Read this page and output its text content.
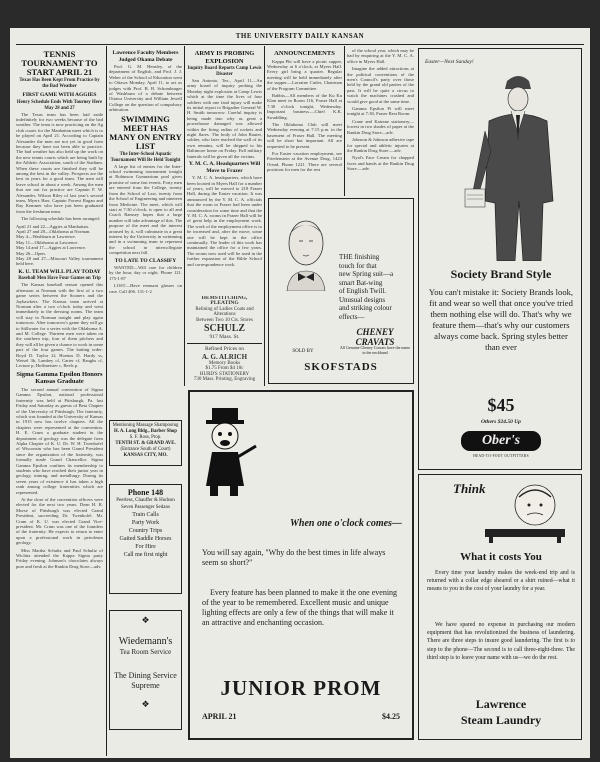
THE UNIVERSITY DAILY KANSAN
TENNIS TOURNAMENT TO START APRIL 21
Texas Has Been Kept From Practice by the Bad Weather
FIRST GAME WITH AGGIES
Henry Schedule Ends With Tourney Here May 28 and 27

The Texas team has been laid aside indefinitely for two weeks because of the bad weather. The team is now practicing on the Ag club courts for the Manhattan meet which is to be played on April 21. According to Captain Alexander the men are not yet in good form because they have not been able to practice. The bad weather has also held up the work on the new tennis courts which are being built by the Athletic Association, south of the Stadium. When these courts are finished they will be among the best in the valley. Prospects are the best in years for a good team. The men will leave school in about a week. Among the men that are out for practice are Captain F. W. Alexander, Wilson Riley of last year's second team, Myers Harr, Captain Forrest Ragan and Ray Kemmer who have just been graduated from the freshman team.

The following schedule has been arranged:

April 21 and 22—Aggies at Manhattan.
April 27 and 28—Oklahoma at Norman.
May 4—Washburn at Lawrence.
May 11—Oklahoma at Lawrence.
May 14 and 17—Aggies at Lawrence.
May 26—Open.
May 28 and 27—Missouri Valley tournament held here.
K. U. TEAM WILL PLAY TODAY
Baseball Men Have Four Games on Trip

The Kansas baseball season opened this afternoon at Norman with the first of a two game series between the Sooners and the Jayhawkers. The Kansas team arrived at Norman after a two o'clock today and went immediately to the dressing rooms. The team will stay in Norman tonight and play again tomorrow. After tomorrow's game they will go to Stillwater for a series with the Oklahoma A. and M. College. Thirteen men were taken on the southern trip, four of them pitchers and they will all be given a chance to work in some part of the four games. The batting order: Boyd D. Taylor 2f, Hoenus D. Hardy ss, Weisel 3b, Lambey cf, Carter cf, Baughs cf, Lecture p, Hoffmeister c, Reels p.

Sigma Gamma Epsilon Honors Kansas Graduate

The second annual convention of Sigma Gamma Epsilon, national professional fraternity was held at Pittsburgh, Pa. last Friday and Saturday as guests of Beta Chapter of the University of Pittsburgh. The fraternity, which was founded at the University of Kansas in 1915 now has twelve chapters. All the chapters were represented at the convention. H. E. Crum a graduate student in the department of geology was the delegate from Alpha Chapter of K. U. Dr. W. H. Twenhofel of Wisconsin who has been Grand President since the organization of the fraternity, was formally made Grand Chancellor. Sigma Gamma Epsilon confines its membership to students who have reached their junior year in geology, mining, and metallurgy. During its seven years of existence it has taken a high rank among college fraternities which are represented.

At the close of the convention officers were elected for the next two years. Dean H. R. Morse of Pittsburgh was elected Grand President, succeeding Dr. Twenhofel. Mr. Crum of K. U. was elected Grand Vice-president. Mr. Crum was one of the founders of the fraternity. He expects to return to enter upon a professional work in petroleum geology.

Miss Martha Schultz and Paul Schultz of Wichita attended the Kappa Sigma party Friday evening. Johnson's chocolates always pure and fresh at the Rankin Drug Store—adv.

Lawrence Faculty Members Judged Okama Debate

Prof. G. M. Hensley, of the department of English, and Prof. J. J. Weber of the School of Education went to Ottawa Monday, April 11, to act as judges with Prof. B. B. Schomburger of Washburn of a debate between Ottawa University and William Jewell College on the question of compulsory arbitration.

SWIMMING MEET HAS MANY ON ENTRY LIST
The Inter-School Aquatic Tournament Will Be Held Tonight

A large list of entries for the Inter-school swimming tournament tonight at Robinson Gymnasium pool gives promise of some fast events. Forty men are entered from the College, twenty from the School of Law, twenty from the School of Engineering and nineteen from Medicine. The meet, which will start at 7:30 o'clock, is open to all and Coach Ramsey hopes that a large number will take advantage of this. The purpose of the meet and the interest aroused by it, will culminate in a great interest by the University in swimming and in a swimming team to represent the school in intercollegiate competition next fall.

TO LATE TO CLASSIFY

WANTED—Will care for children by the hour, day or night. Phone 121. 175-1-87

LOST—Have remnant glasses on case. Call 406. 131-1-2

Mentioning Massage Shampooing
H. A. Long Bldg., Barber Shop
S. F. Ross, Prop.
TENTH ST. & GRAND AVE.
(Entrance South of Court)
KANSAS CITY, MO.
Phone 148
Peerless, Chauffer & Hudson Seven Passenger Sedans
Train Calls
Party Work
Country Trips
Gaited Saddle Horses
For Hire
Call me first night
❖
Wiedemann's
Tea Room Service
The Dining Service
Supreme
❖
ARMY IS PROBING EXPLOSION
Inquiry Board Reports Camp Lewis Disaster

San Antonio, Tex., April 11—An army board of inquiry probing the Monday night explosion at Camp Lewis which at the time the lives of four soldiers with one fatal injury will make its initial report to Brigadier General W. H. Smith tomorrow. Careful inquiry is being made into why as great a powerhouse damaged was allowed within the firing radius of rockets and night flares. The body of John Rauter, soldier, who later reached the wall of its own remains, will be shipped to his Baltimore home on Friday. Full military funerals will be given all the victims.

Y. M. C. A. Headquarters Will Move to Frazer

Y. M. C. A. headquarters, which have been located in Myers Hall for a number of years, will be moved to 218 Frazer Hall, during the Easter vacation. It was announced by the Y. M. C. A. officials that the room in Frazer had been under consideration for some time and that the Y. M. C. A. rooms in Frazer Hall will be of great help in the employment work. The work of the employment office is to be increased and, after the move, some one will be kept in the office continually. The leader of this work has maintained the office for a few years. The rooms now used will be used in the further expansion of the Bible School and correspondence work.

HEMSTITCHING, PLEATING
Relining of Ladies Coats and Alterations
Between Two 10 Cts. Stores
SCHULZ
917 Mass. St.
Refined Prices on
A. G. ALRICH
Memory Books
$1.75 From $4 10c
HURD'S STATIONERY
730 Mass. Printing, Engraving
ANNOUNCEMENTS

Kappa Phi will have a picnic supper, Wednesday at 6 o'clock, at Myers Hall. Every girl bring a quarter. Regular meeting will be held immediately after the supper.—Lorraine Cutler, Chairman of the Program Committee.

Rabbis—All members of the Ku Ku Klan meet in Room 116, Fraser Hall at 7:30 o'clock tonight, Wednesday. Important business.—Chief K.K. Swaddling.

The Oklahoma Club will meet Wednesday evening at 7:15 p.m. in the basement of Fraser Hall. The meeting will be short but important. All are requested to be present.

For Easter vacation employment, see Friedenstein at the Avenue Drug, 1423 Oread, Phone 1221. There are several positions for men for the rest

of the school year, which may be had by enquiring at the Y. M. C. A. office in Myers Hall.

Imagine the added attractions at the political conventions of the men's Council's party over those held by the grand old parties of the past. It will be quite a circus to watch the machines crashed and would give good at the same time.

Gamma Epsilon Pi will meet tonight at 7:30, Fraser Rest Room.

Crane and Katrane stationery—lowest in two shades of paper at the Rankin Drug Store—adv.

Johnson & Johnson adhesive tape for special and athletic injuries at the Rankin Drug Store.—adv.

Nyal's Face Cream for chapped faces and hands at the Rankin Drug Store.—adv.

THE finishing
touch for that
new Spring suit—a
smart Bat-wing
of English Twill.
Unusual designs
and striking colour
effects—
CHENEY CRAVATS
All Genuine Cheney Cravats have the name in the neckband
SOLD BY
SKOFSTADS
Easter—Next Sunday!
Society Brand Style
You can't mistake it: Society Brands look, fit and wear so well that once you've tried them nothing else will do. That's why we feature them—that's why our customers always come back. Spring styles better than ever
$45
Others $24.50 Up
Ober's
HEAD-TO-FOOT OUTFITTERS
When one o'clock comes—
You will say again, "Why do the best times in life always seem so short?"
Every feature has been planned to make it the one evening of the year to be remembered. Excellent music and unique lighting effects are only a few of the things that will make it an attractive and enchanting occasion.
JUNIOR PROM
APRIL 21	$4.25
Think
What it costs You
Every time your laundry makes the week-end trip and is returned with a collar edge sheared or a shirt ruined—what it means to you in the cost of your laundry for a year.
We have spared no expense in purchasing our modern equipment that has revolutionized the business of laundering. There are three steps to insure good laundering. The first is to step to the phone—The second is to call three-eight-three. The third step is to leave your name with us—we do the rest.
Lawrence
Steam Laundry
